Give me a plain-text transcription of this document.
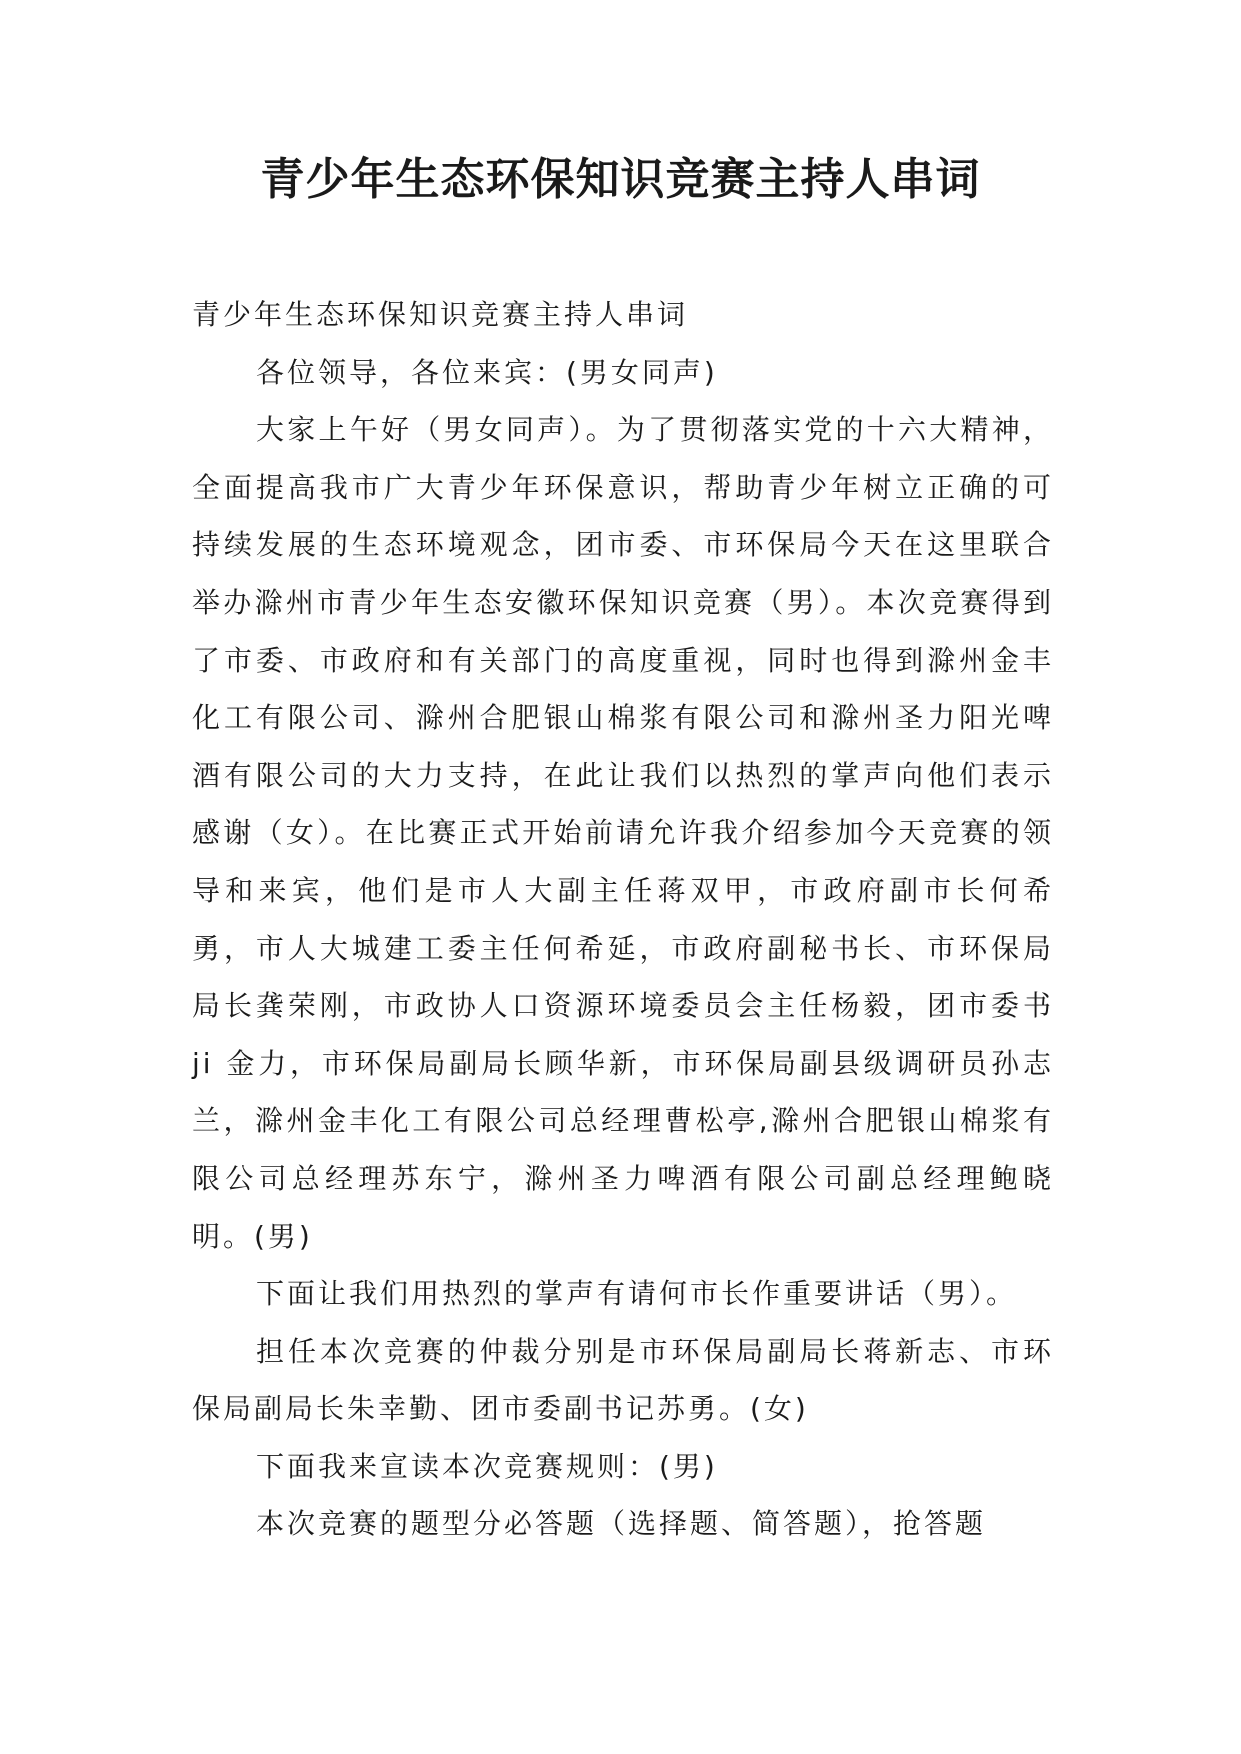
青少年生态环保知识竞赛主持人串词

青少年生态环保知识竞赛主持人串词

各位领导，各位来宾：(男女同声)

大家上午好（男女同声）。为了贯彻落实党的十六大精神，全面提高我市广大青少年环保意识，帮助青少年树立正确的可持续发展的生态环境观念，团市委、市环保局今天在这里联合举办滁州市青少年生态安徽环保知识竞赛（男）。本次竞赛得到了市委、市政府和有关部门的高度重视，同时也得到滁州金丰化工有限公司、滁州合肥银山棉浆有限公司和滁州圣力阳光啤酒有限公司的大力支持，在此让我们以热烈的掌声向他们表示感谢（女）。在比赛正式开始前请允许我介绍参加今天竞赛的领导和来宾，他们是市人大副主任蒋双甲，市政府副市长何希勇，市人大城建工委主任何希延，市政府副秘书长、市环保局局长龚荣刚，市政协人口资源环境委员会主任杨毅，团市委书 ji 金力，市环保局副局长顾华新，市环保局副县级调研员孙志兰，滁州金丰化工有限公司总经理曹松亭,滁州合肥银山棉浆有限公司总经理苏东宁，滁州圣力啤酒有限公司副总经理鲍晓明。(男)

下面让我们用热烈的掌声有请何市长作重要讲话（男）。

担任本次竞赛的仲裁分别是市环保局副局长蒋新志、市环保局副局长朱幸勤、团市委副书记苏勇。(女)

下面我来宣读本次竞赛规则：(男)

本次竞赛的题型分必答题（选择题、简答题），抢答题
